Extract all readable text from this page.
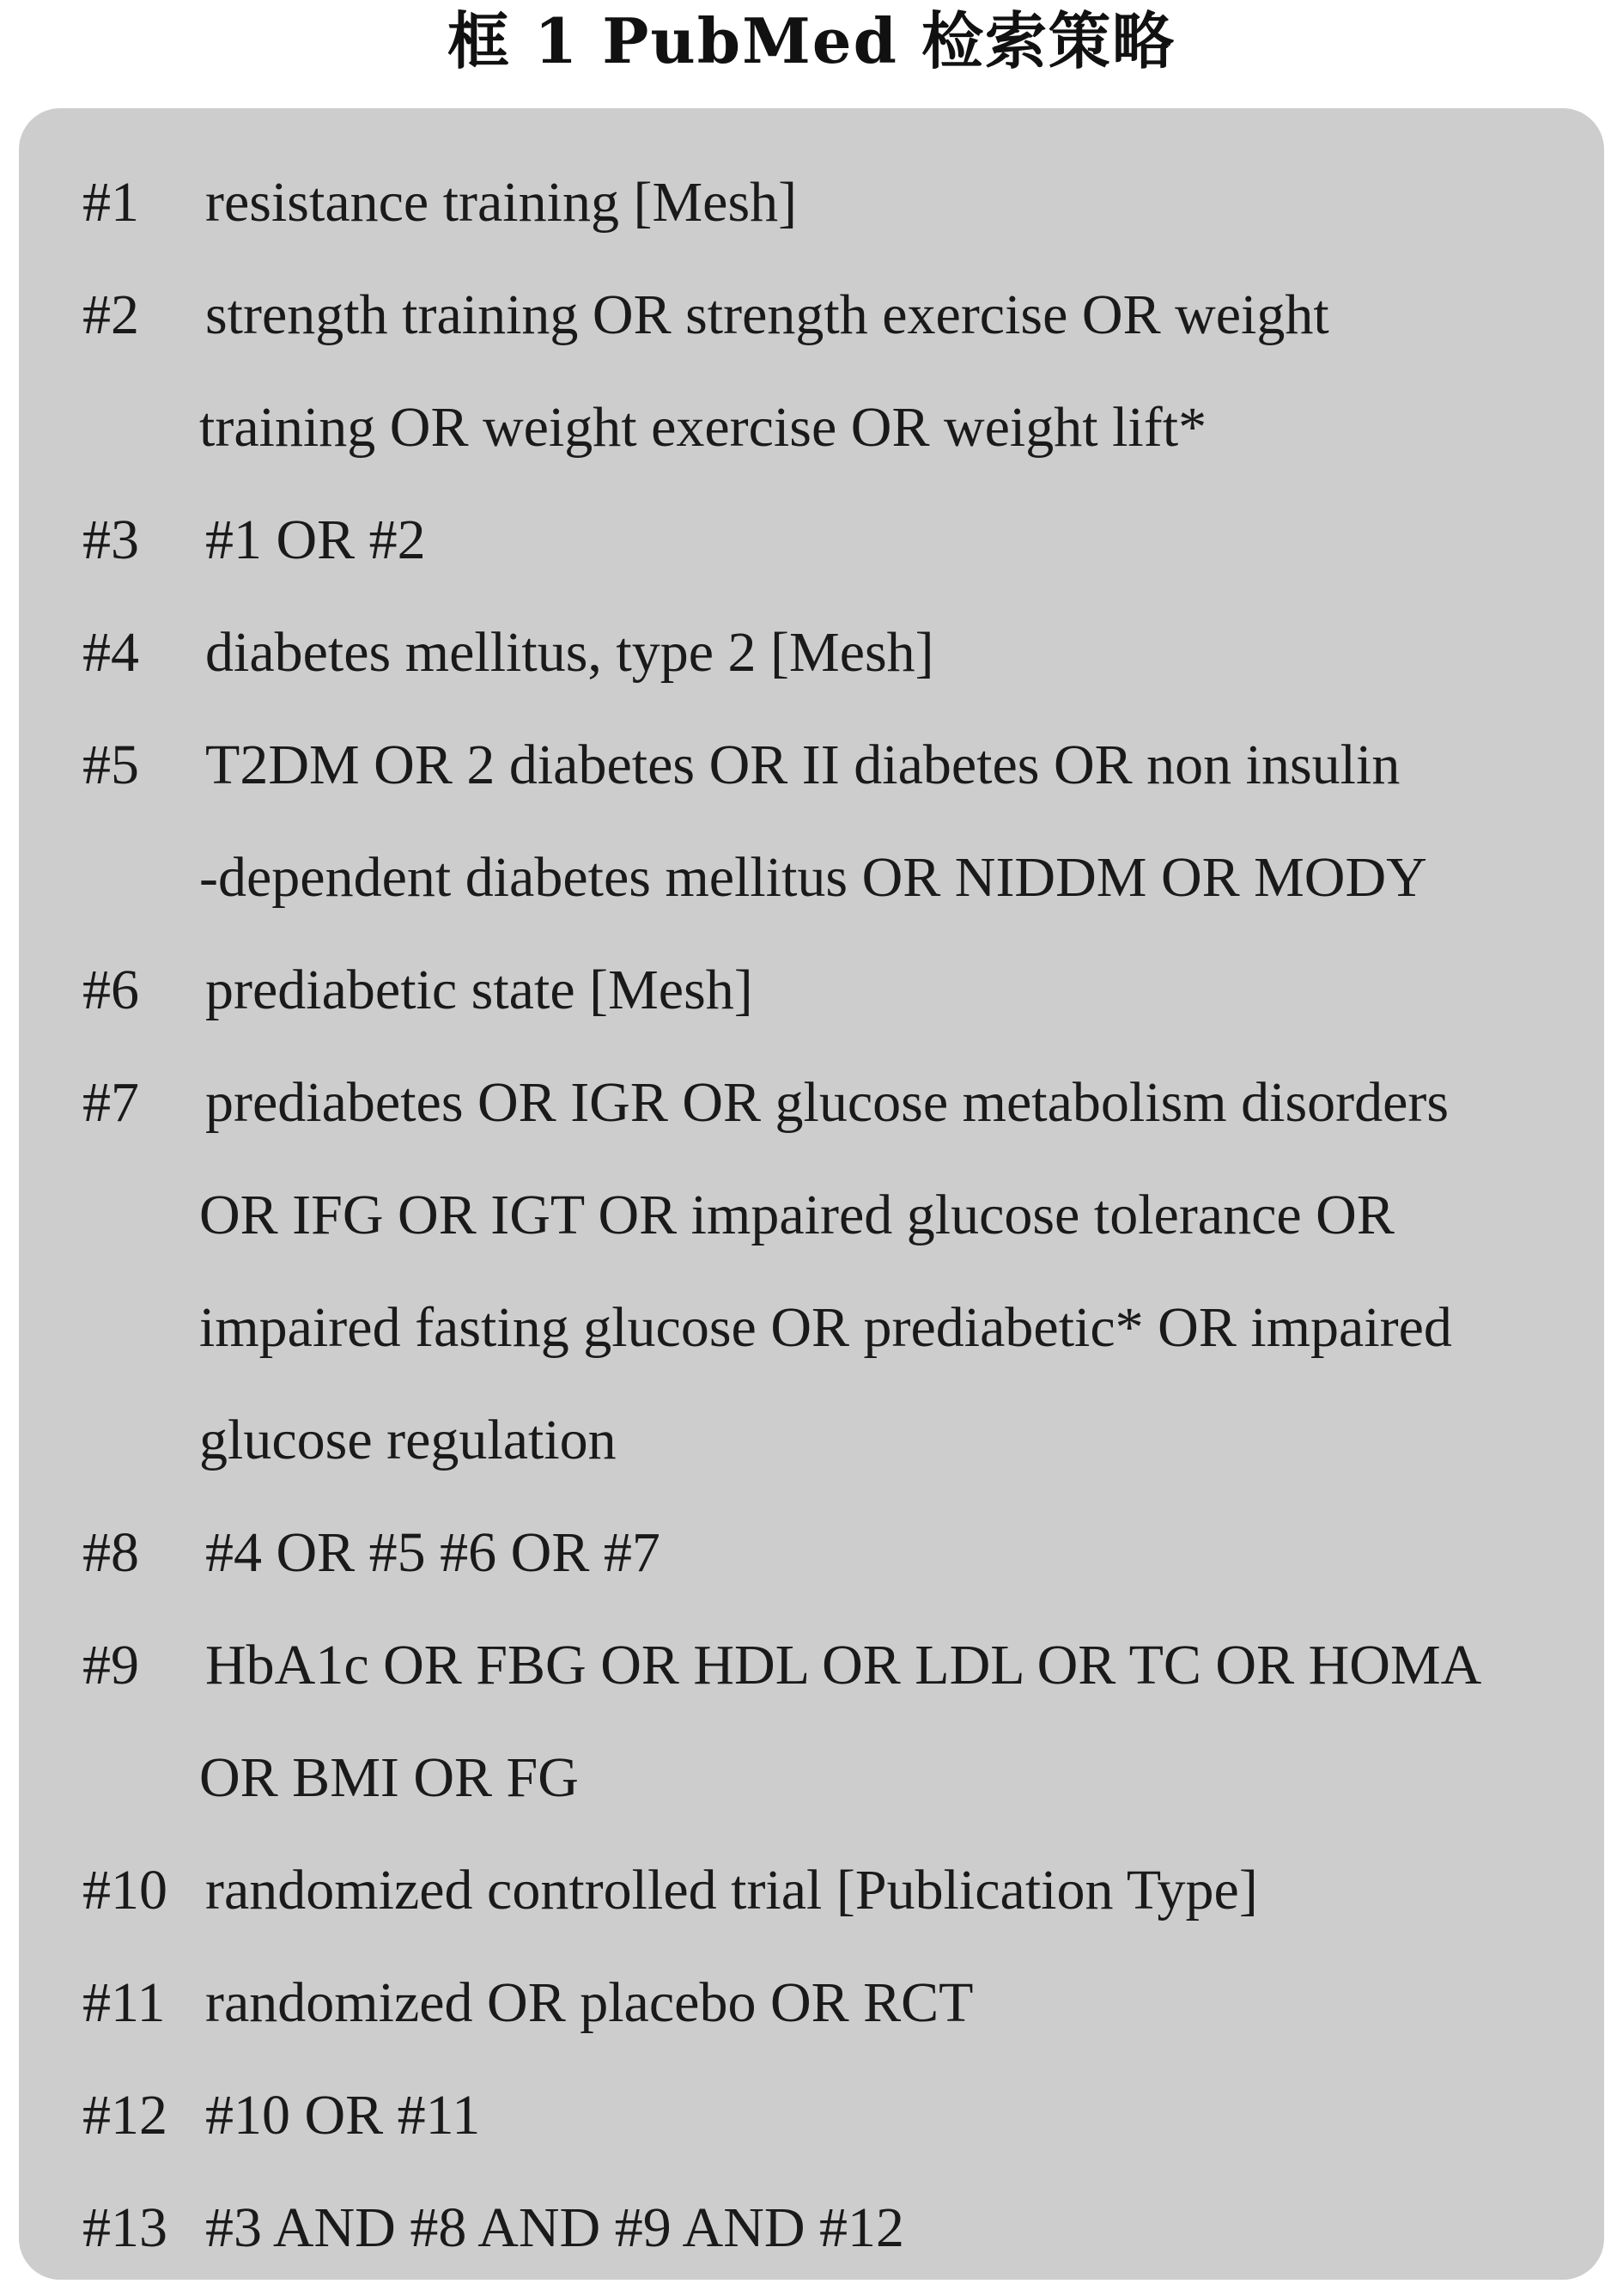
框 1 PubMed 检索策略
#1	resistance training [Mesh]
#2	strength training OR strength exercise OR weight
training OR weight exercise OR weight lift*
#3	#1 OR #2
#4	diabetes mellitus, type 2 [Mesh]
#5	T2DM OR 2 diabetes OR II diabetes OR non insulin
-dependent diabetes mellitus OR NIDDM OR MODY
#6	prediabetic state [Mesh]
#7	prediabetes OR IGR OR glucose metabolism disorders
OR IFG OR IGT OR impaired glucose tolerance OR
impaired fasting glucose OR prediabetic* OR impaired
glucose regulation
#8	#4 OR #5 #6 OR #7
#9	HbA1c OR FBG OR HDL OR LDL OR TC OR HOMA
OR BMI OR FG
#10 randomized controlled trial [Publication Type]
#11 randomized OR placebo OR RCT
#12 #10 OR #11
#13 #3 AND #8 AND #9 AND #12
